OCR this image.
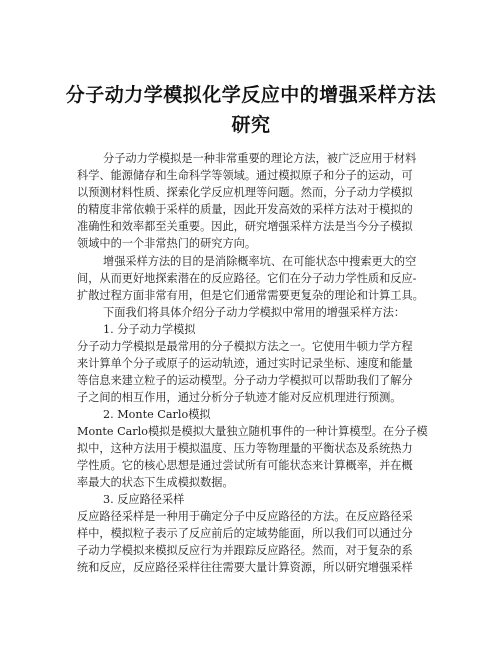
分子动力学模拟化学反应中的增强采样方法
研究
分子动力学模拟是一种非常重要的理论方法，被广泛应用于材料
科学、能源储存和生命科学等领域。通过模拟原子和分子的运动，可
以预测材料性质、探索化学反应机理等问题。然而，分子动力学模拟
的精度非常依赖于采样的质量，因此开发高效的采样方法对于模拟的
准确性和效率都至关重要。因此，研究增强采样方法是当今分子模拟
领域中的一个非常热门的研究方向。
增强采样方法的目的是消除概率坑、在可能状态中搜索更大的空
间，从而更好地探索潜在的反应路径。它们在分子动力学性质和反应-
扩散过程方面非常有用，但是它们通常需要更复杂的理论和计算工具。
下面我们将具体介绍分子动力学模拟中常用的增强采样方法：
1. 分子动力学模拟
分子动力学模拟是最常用的分子模拟方法之一。它使用牛顿力学方程
来计算单个分子或原子的运动轨迹，通过实时记录坐标、速度和能量
等信息来建立粒子的运动模型。分子动力学模拟可以帮助我们了解分
子之间的相互作用，通过分析分子轨迹才能对反应机理进行预测。
2. Monte Carlo模拟
Monte Carlo模拟是模拟大量独立随机事件的一种计算模型。在分子模
拟中，这种方法用于模拟温度、压力等物理量的平衡状态及系统热力
学性质。它的核心思想是通过尝试所有可能状态来计算概率，并在概
率最大的状态下生成模拟数据。
3. 反应路径采样
反应路径采样是一种用于确定分子中反应路径的方法。在反应路径采
样中，模拟粒子表示了反应前后的定域势能面，所以我们可以通过分
子动力学模拟来模拟反应行为并跟踪反应路径。然而，对于复杂的系
统和反应，反应路径采样往往需要大量计算资源，所以研究增强采样
